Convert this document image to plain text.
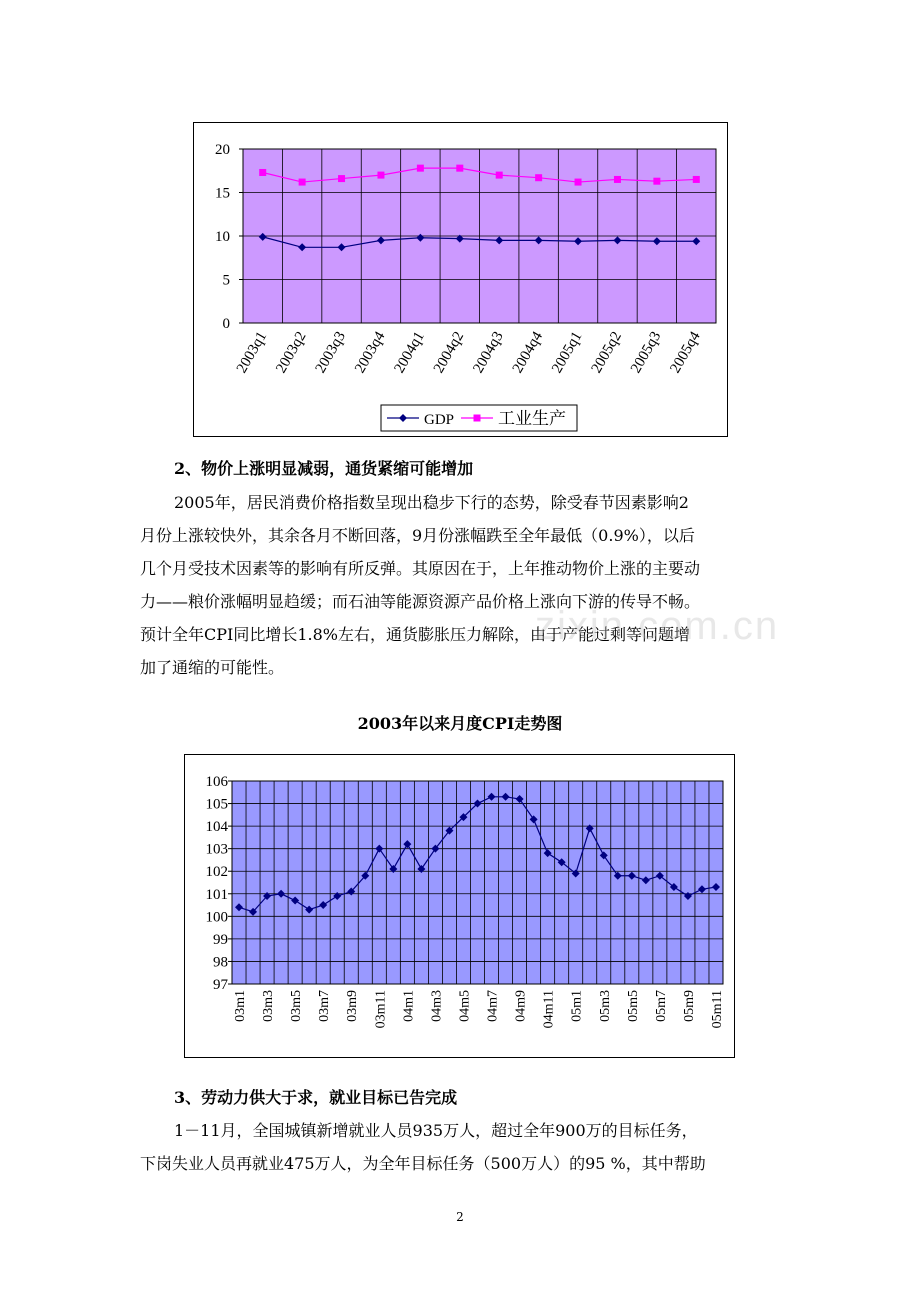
0
5
10
15
20
2003q1 2003q2 2003q3 2003q4 2004q1 2004q2 2004q3 2004q4 2005q1 2005q2 2005q3 2005q4
GDP	工业生产
2、物价上涨明显减弱，通货紧缩可能增加

2005年，居民消费价格指数呈现出稳步下行的态势，除受春节因素影响2

月份上涨较快外，其余各月不断回落，9月份涨幅跌至全年最低（0.9%），以后
几个月受技术因素等的影响有所反弹。其原因在于，上年推动物价上涨的主要动
力——粮价涨幅明显趋缓；而石油等能源资源产品价格上涨向下游的传导不畅。
预计全年CPI同比增长1.8%左右，通货膨胀压力解除，由于产能过剩等问题增
加了通缩的可能性。
zixin.com.cn
2003年以来月度CPI走势图
97
98
99
100
101
102
103
104
105
106
03m1 03m3 03m5 03m7 03m9 03m11 04m1 04m3 04m5 04m7 04m9 04m11 05m1 05m3 05m5 05m7 05m9 05m11
3、劳动力供大于求，就业目标已告完成

1－11月，全国城镇新增就业人员935万人，超过全年900万的目标任务，

下岗失业人员再就业475万人，为全年目标任务（500万人）的95 %，其中帮助
2
